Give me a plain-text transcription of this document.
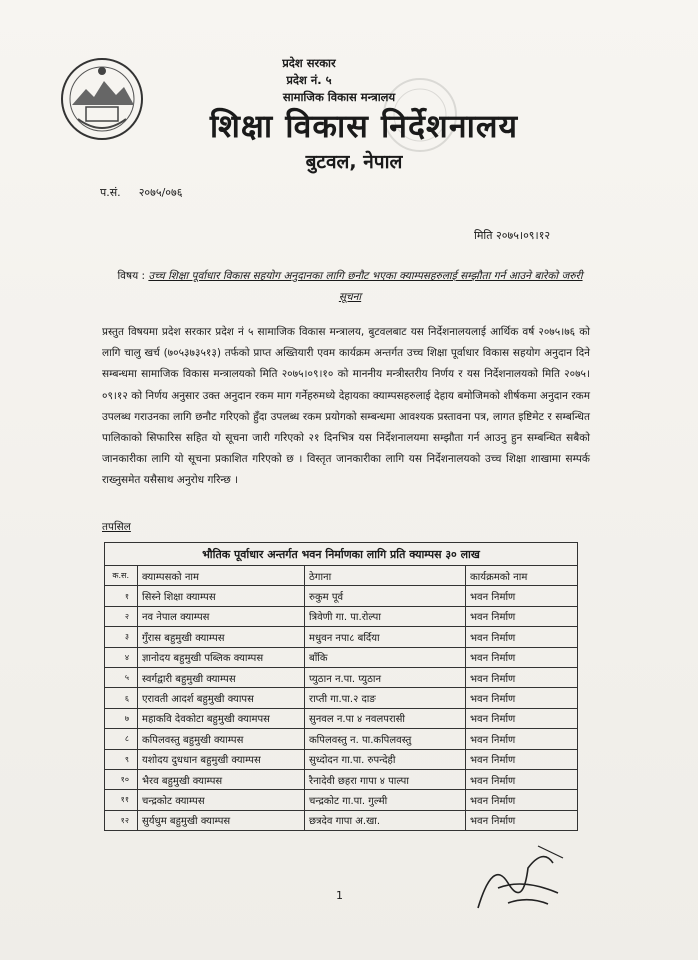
प्रदेश सरकार
प्रदेश नं. ५
सामाजिक विकास मन्त्रालय
शिक्षा विकास निर्देशनालय
बुटवल, नेपाल
प.सं. २०७५/०७६
मिति २०७५।०९।१२
विषय : उच्च शिक्षा पूर्वाधार विकास सहयोग अनुदानका लागि छनौट भएका क्याम्पसहरुलाई सम्झौता गर्न आउने बारेको जरुरी सूचना
प्रस्तुत विषयमा प्रदेश सरकार प्रदेश नं ५ सामाजिक विकास मन्त्रालय, बुटवलबाट यस निर्देशनालयलाई आर्थिक वर्ष २०७५।७६ को लागि चालु खर्च (७०५३७३५१३) तर्फको प्राप्त अख्तियारी एवम कार्यक्रम अन्तर्गत उच्च शिक्षा पूर्वाधार विकास सहयोग अनुदान दिने सम्बन्धमा सामाजिक विकास मन्त्रालयको मिति २०७५।०९।१० को माननीय मन्त्रीस्तरीय निर्णय र यस निर्देशनालयको मिति २०७५।०९।१२ को निर्णय अनुसार उक्त अनुदान रकम माग गर्नेहरुमध्ये देहायका क्याम्पसहरुलाई देहाय बमोजिमको शीर्षकमा अनुदान रकम उपलब्ध गराउनका लागि छनौट गरिएको हुँदा उपलब्ध रकम प्रयोगको सम्बन्धमा आवश्यक प्रस्तावना पत्र, लागत इष्टिमेट र सम्बन्धित पालिकाको सिफारिस सहित यो सूचना जारी गरिएको २१ दिनभित्र यस निर्देशनालयमा सम्झौता गर्न आउनु हुन सम्बन्धित सबैको जानकारीका लागि यो सूचना प्रकाशित गरिएको छ । विस्तृत जानकारीका लागि यस निर्देशनालयको उच्च शिक्षा शाखामा सम्पर्क राख्नुसमेत यसैसाथ अनुरोध गरिन्छ ।
तपसिल
भौतिक पूर्वाधार अन्तर्गत भवन निर्माणका लागि प्रति क्याम्पस ३० लाख			
क.स.	क्याम्पसको नाम	ठेगाना	कार्यक्रमको नाम
१	सिस्ने शिक्षा क्याम्पस	रुकुम पूर्व	भवन निर्माण
२	नव नेपाल क्याम्पस	त्रिवेणी गा. पा.रोल्पा	भवन निर्माण
३	गुँरास बहुमुखी क्याम्पस	मधुवन नपा८ बर्दिया	भवन निर्माण
४	ज्ञानोदय बहुमुखी पब्लिक क्याम्पस	बाँकि	भवन निर्माण
५	स्वर्गद्वारी बहुमुखी क्याम्पस	प्युठान न.पा. प्युठान	भवन निर्माण
६	एरावती आदर्श बहुमुखी क्यापस	राप्ती गा.पा.२ दाङ	भवन निर्माण
७	महाकवि देवकोटा बहुमुखी क्यामपस	सुनवल न.पा ४ नवलपरासी	भवन निर्माण
८	कपिलवस्तु बहुमुखी क्याम्पस	कपिलवस्तु न. पा.कपिलवस्तु	भवन निर्माण
९	यशोदय दुधधान बहुमुखी क्याम्पस	सुध्दोदन गा.पा. रुपन्देही	भवन निर्माण
१०	भैरव बहुमुखी क्याम्पस	रैनादेवी छहरा गापा ४ पाल्पा	भवन निर्माण
११	चन्द्रकोट क्याम्पस	चन्द्रकोट गा.पा. गुल्मी	भवन निर्माण
१२	सुर्यधुम बहुमुखी क्याम्पस	छत्रदेव गापा अ.खा.	भवन निर्माण
1
